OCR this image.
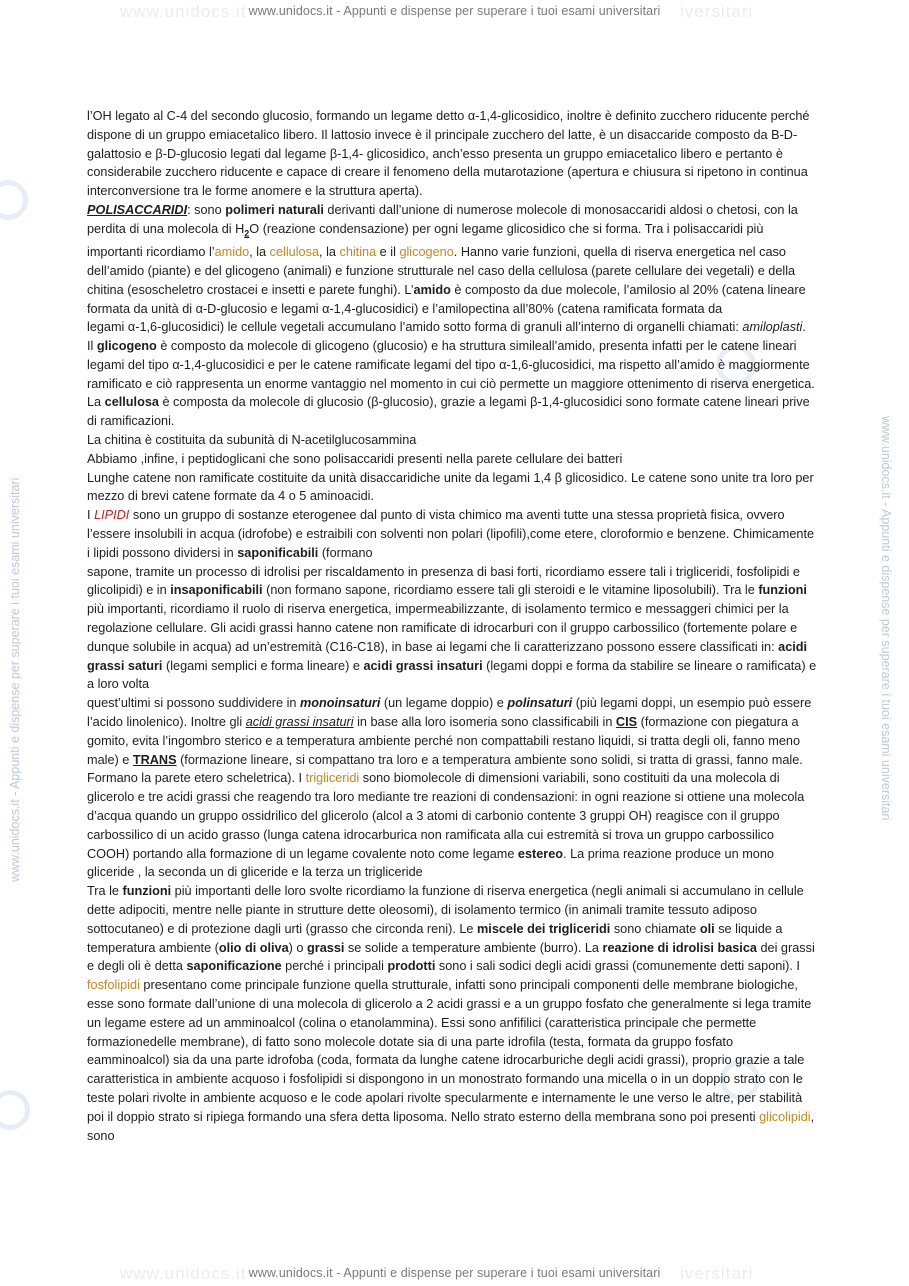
www.unidocs.it	iversitari
www.unidocs.it	iversitari
www.unidocs.it - Appunti e dispense per superare i tuoi esami universitari
www.unidocs.it - Appunti e dispense per superare i tuoi esami universitari
www.unidocs.it - Appunti e dispense per superare i tuoi esami universitari	www.unidocs.it - Appunti e dispense per superare i tuoi esami universitari

l’OH legato al C-4 del secondo glucosio, formando un legame detto α-1,4-glicosidico, inoltre è definito zucchero riducente perché dispone di un gruppo emiacetalico libero. Il lattosio invece è il principale zucchero del latte, è un disaccaride composto da B-D-galattosio e β-D-glucosio legati dal legame β-1,4- glicosidico, anch’esso presenta un gruppo emiacetalico libero e pertanto è considerabile zucchero riducente e capace di creare il fenomeno della mutarotazione (apertura e chiusura si ripetono in continua interconversione tra le forme anomere e la struttura aperta).

POLISACCARIDI: sono polimeri naturali derivanti dall’unione di numerose molecole di monosaccaridi aldosi o chetosi, con la perdita di una molecola di $H_2O$ (reazione condensazione) per ogni legame glicosidico che si forma. Tra i polisaccaridi più importanti ricordiamo l’amido, la cellulosa, la chitina e il glicogeno. Hanno varie funzioni, quella di riserva energetica nel caso dell’amido (piante) e del glicogeno (animali) e funzione strutturale nel caso della cellulosa (parete cellulare dei vegetali) e della chitina (esoscheletro crostacei e insetti e parete funghi). L’amido è composto da due molecole, l’amilosio al 20% (catena lineare formata da unità di α-D-glucosio e legami α-1,4-glucosidici) e l’amilopectina all’80% (catena ramificata formata da

legami α-1,6-glucosidici) le cellule vegetali accumulano l’amido sotto forma di granuli all’interno di organelli chiamati: amiloplasti.

Il glicogeno è composto da molecole di glicogeno (glucosio) e ha struttura simileall’amido, presenta infatti per le catene lineari legami del tipo α-1,4-glucosidici e per le catene ramificate legami del tipo α-1,6-glucosidici, ma rispetto all’amido è maggiormente ramificato e ciò rappresenta un enorme vantaggio nel momento in cui ciò permette un maggiore ottenimento di riserva energetica. La cellulosa è composta da molecole di glucosio (β-glucosio), grazie a legami β-1,4-glucosidici sono formate catene lineari prive di ramificazioni.

La chitina è costituita da subunità di N-acetilglucosammina

Abbiamo ,infine, i peptidoglicani che sono polisaccaridi presenti nella parete cellulare dei batteri

Lunghe catene non ramificate costituite da unità disaccaridiche unite da legami 1,4 β glicosidico. Le catene sono unite tra loro per mezzo di brevi catene formate da 4 o 5 aminoacidi.

I LIPIDI sono un gruppo di sostanze eterogenee dal punto di vista chimico ma aventi tutte una stessa proprietà fisica, ovvero l’essere insolubili in acqua (idrofobe) e estraibili con solventi non polari (lipofili),come etere, cloroformio e benzene. Chimicamente i lipidi possono dividersi in saponificabili (formano

sapone, tramite un processo di idrolisi per riscaldamento in presenza di basi forti, ricordiamo essere tali i trigliceridi, fosfolipidi e glicolipidi) e in insaponificabili (non formano sapone, ricordiamo essere tali gli steroidi e le vitamine liposolubili). Tra le funzioni più importanti, ricordiamo il ruolo di riserva energetica, impermeabilizzante, di isolamento termico e messaggeri chimici per la regolazione cellulare. Gli acidi grassi hanno catene non ramificate di idrocarburi con il gruppo carbossilico (fortemente polare e dunque solubile in acqua) ad un’estremità (C16-C18), in base ai legami che li caratterizzano possono essere classificati in: acidi grassi saturi (legami semplici e forma lineare) e acidi grassi insaturi (legami doppi e forma da stabilire se lineare o ramificata) e a loro volta

quest’ultimi si possono suddividere in monoinsaturi (un legame doppio) e polinsaturi (più legami doppi, un esempio può essere l’acido linolenico). Inoltre gli acidi grassi insaturi in base alla loro isomeria sono classificabili in CIS (formazione con piegatura a gomito, evita l’ingombro sterico e a temperatura ambiente perché non compattabili restano liquidi, si tratta degli oli, fanno meno male) e TRANS (formazione lineare, si compattano tra loro e a temperatura ambiente sono solidi, si tratta di grassi, fanno male. Formano la parete etero scheletrica). I trigliceridi sono biomolecole di dimensioni variabili, sono costituiti da una molecola di glicerolo e tre acidi grassi che reagendo tra loro mediante tre reazioni di condensazioni: in ogni reazione si ottiene una molecola d’acqua quando un gruppo ossidrilico del glicerolo (alcol a 3 atomi di carbonio contente 3 gruppi OH) reagisce con il gruppo carbossilico di un acido grasso (lunga catena idrocarburica non ramificata alla cui estremità si trova un gruppo carbossilico COOH) portando alla formazione di un legame covalente noto come legame estereo. La prima reazione produce un mono gliceride , la seconda un di gliceride e la terza un trigliceride

Tra le funzioni più importanti delle loro svolte ricordiamo la funzione di riserva energetica (negli animali si accumulano in cellule dette adipociti, mentre nelle piante in strutture dette oleosomi), di isolamento termico (in animali tramite tessuto adiposo sottocutaneo) e di protezione dagli urti (grasso che circonda reni). Le miscele dei trigliceridi sono chiamate oli se liquide a temperatura ambiente (olio di oliva) o grassi se solide a temperature ambiente (burro). La reazione di idrolisi basica dei grassi e degli oli è detta saponificazione perché i principali prodotti sono i sali sodici degli acidi grassi (comunemente detti saponi). I fosfolipidi presentano come principale funzione quella strutturale, infatti sono principali componenti delle membrane biologiche, esse sono formate dall’unione di una molecola di glicerolo a 2 acidi grassi e a un gruppo fosfato che generalmente si lega tramite un legame estere ad un amminoalcol (colina o etanolammina). Essi sono anfifilici (caratteristica principale che permette formazionedelle membrane), di fatto sono molecole dotate sia di una parte idrofila (testa, formata da gruppo fosfato eamminoalcol) sia da una parte idrofoba (coda, formata da lunghe catene idrocarburiche degli acidi grassi), proprio grazie a tale caratteristica in ambiente acquoso i fosfolipidi si dispongono in un monostrato formando una micella o in un doppio strato con le teste polari rivolte in ambiente acquoso e le code apolari rivolte specularmente e internamente le une verso le altre, per stabilità poi il doppio strato si ripiega formando una sfera detta liposoma. Nello strato esterno della membrana sono poi presenti glicolipidi, sono
